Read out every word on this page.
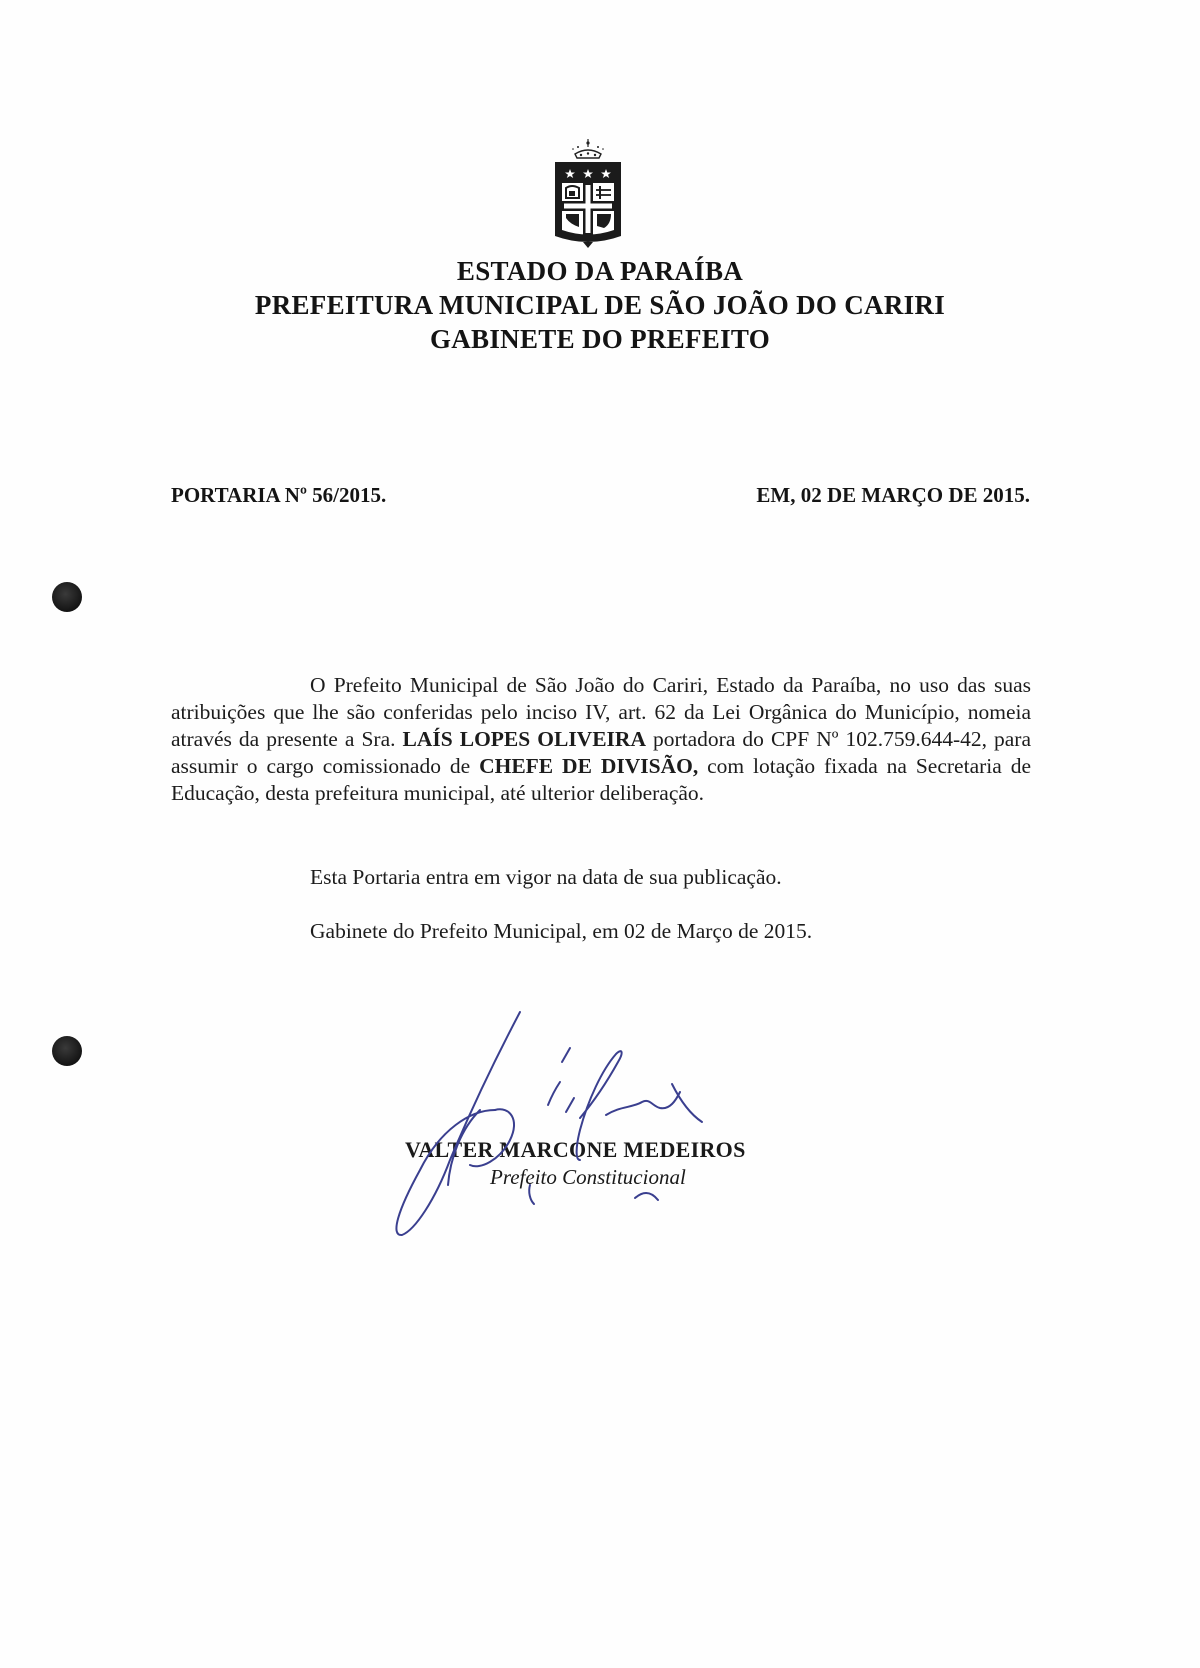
ESTADO DA PARAÍBA
PREFEITURA MUNICIPAL DE SÃO JOÃO DO CARIRI
GABINETE DO PREFEITO
PORTARIA Nº 56/2015.	EM, 02 DE MARÇO DE 2015.
O Prefeito Municipal de São João do Cariri, Estado da Paraíba, no uso das suas atribuições que lhe são conferidas pelo inciso IV, art. 62 da Lei Orgânica do Município, nomeia através da presente a Sra. LAÍS LOPES OLIVEIRA portadora do CPF Nº 102.759.644-42, para assumir o cargo comissionado de CHEFE DE DIVISÃO, com lotação fixada na Secretaria de Educação, desta prefeitura municipal, até ulterior deliberação.
Esta Portaria entra em vigor na data de sua publicação.
Gabinete do Prefeito Municipal, em 02 de Março de 2015.
VALTER MARCONE MEDEIROS
Prefeito Constitucional
